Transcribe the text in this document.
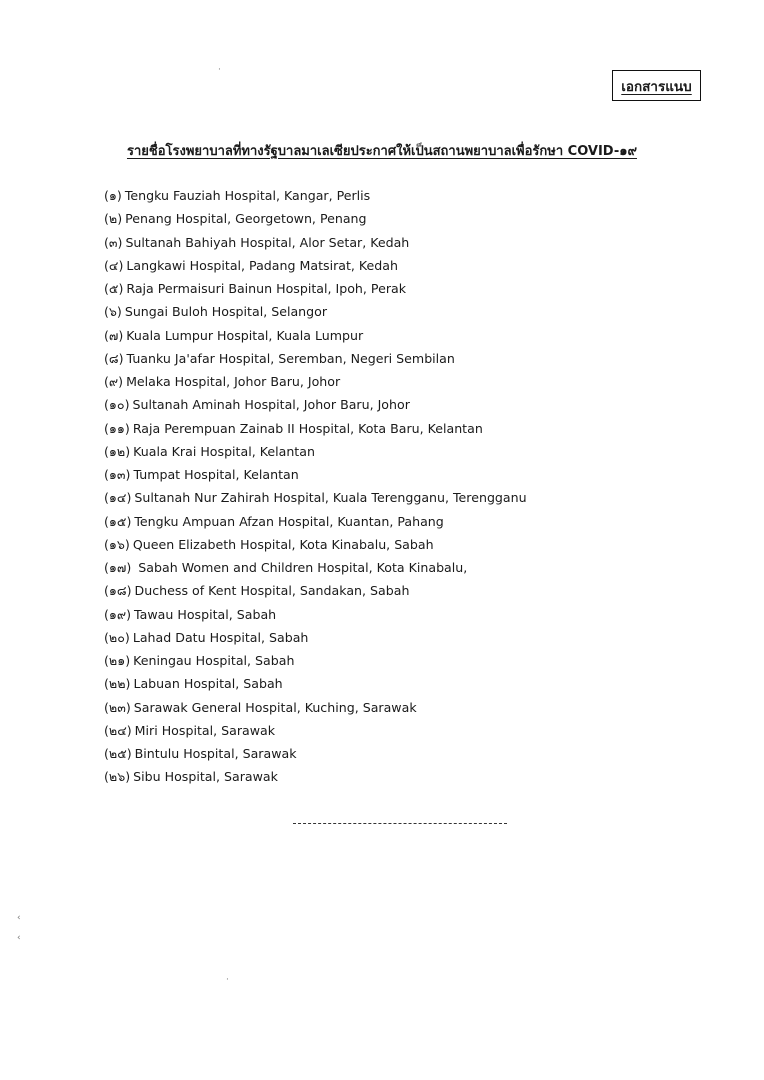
เอกสารแนบ
รายชื่อโรงพยาบาลที่ทางรัฐบาลมาเลเซียประกาศให้เป็นสถานพยาบาลเพื่อรักษา COVID-๑๙
(๑) Tengku Fauziah Hospital, Kangar, Perlis
(๒) Penang Hospital, Georgetown, Penang
(๓) Sultanah Bahiyah Hospital, Alor Setar, Kedah
(๔) Langkawi Hospital, Padang Matsirat, Kedah
(๕) Raja Permaisuri Bainun Hospital, Ipoh, Perak
(๖) Sungai Buloh Hospital, Selangor
(๗) Kuala Lumpur Hospital, Kuala Lumpur
(๘) Tuanku Ja'afar Hospital, Seremban, Negeri Sembilan
(๙) Melaka Hospital, Johor Baru, Johor
(๑๐) Sultanah Aminah Hospital, Johor Baru, Johor
(๑๑) Raja Perempuan Zainab II Hospital, Kota Baru, Kelantan
(๑๒) Kuala Krai Hospital, Kelantan
(๑๓) Tumpat Hospital, Kelantan
(๑๔) Sultanah Nur Zahirah Hospital, Kuala Terengganu, Terengganu
(๑๕) Tengku Ampuan Afzan Hospital, Kuantan, Pahang
(๑๖) Queen Elizabeth Hospital, Kota Kinabalu, Sabah
(๑๗) Sabah Women and Children Hospital, Kota Kinabalu,
(๑๘) Duchess of Kent Hospital, Sandakan, Sabah
(๑๙) Tawau Hospital, Sabah
(๒๐) Lahad Datu Hospital, Sabah
(๒๑) Keningau Hospital, Sabah
(๒๒) Labuan Hospital, Sabah
(๒๓) Sarawak General Hospital, Kuching, Sarawak
(๒๔) Miri Hospital, Sarawak
(๒๕) Bintulu Hospital, Sarawak
(๒๖) Sibu Hospital, Sarawak
·
‹
‹
·
